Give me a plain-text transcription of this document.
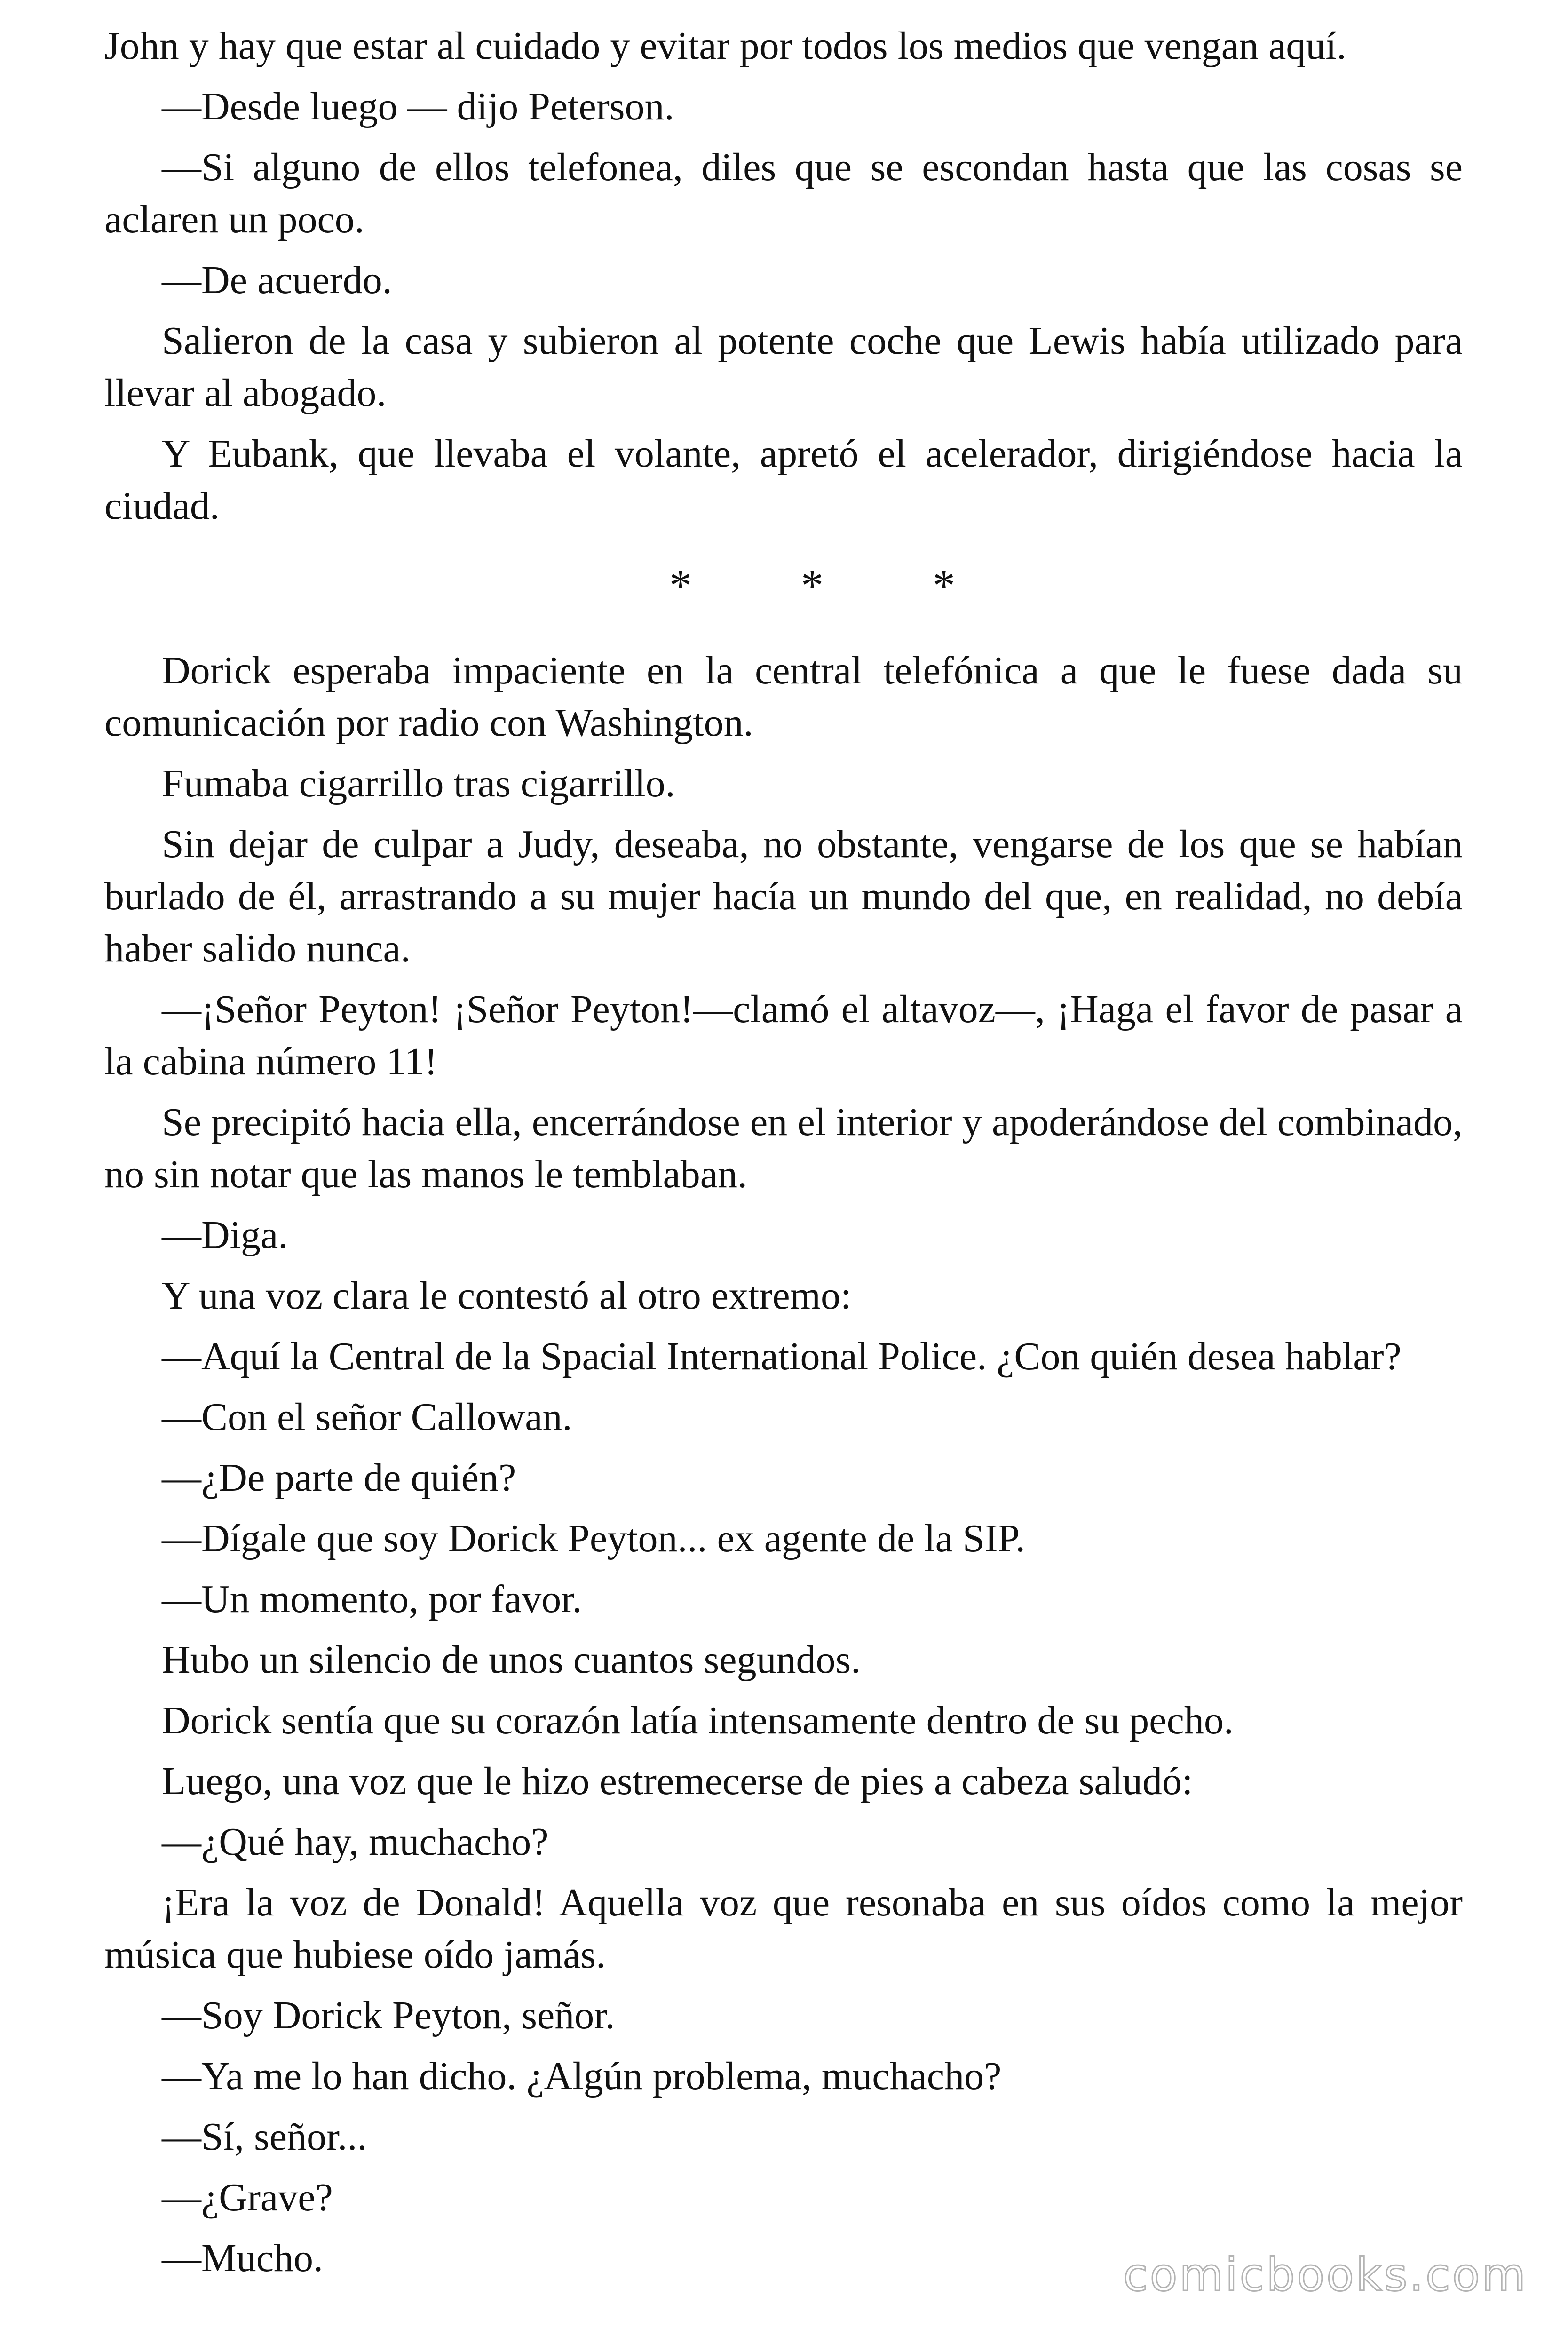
John y hay que estar al cuidado y evitar por todos los medios que vengan aquí.

—Desde luego — dijo Peterson.

—Si alguno de ellos telefonea, diles que se escondan hasta que las cosas se aclaren un poco.

—De acuerdo.

Salieron de la casa y subieron al potente coche que Lewis había utilizado para llevar al abogado.

Y Eubank, que llevaba el volante, apretó el acelerador, dirigiéndose hacia la ciudad.

* * *

Dorick esperaba impaciente en la central telefónica a que le fuese dada su comunicación por radio con Washington.

Fumaba cigarrillo tras cigarrillo.

Sin dejar de culpar a Judy, deseaba, no obstante, vengarse de los que se habían burlado de él, arrastrando a su mujer hacía un mundo del que, en realidad, no debía haber salido nunca.

—¡Señor Peyton! ¡Señor Peyton!—clamó el altavoz—, ¡Haga el favor de pasar a la cabina número 11!

Se precipitó hacia ella, encerrándose en el interior y apoderándose del combinado, no sin notar que las manos le temblaban.

—Diga.

Y una voz clara le contestó al otro extremo:

—Aquí la Central de la Spacial International Police. ¿Con quién desea hablar?

—Con el señor Callowan.

—¿De parte de quién?

—Dígale que soy Dorick Peyton... ex agente de la SIP.

—Un momento, por favor.

Hubo un silencio de unos cuantos segundos.

Dorick sentía que su corazón latía intensamente dentro de su pecho.

Luego, una voz que le hizo estremecerse de pies a cabeza saludó:

—¿Qué hay, muchacho?

¡Era la voz de Donald! Aquella voz que resonaba en sus oídos como la mejor música que hubiese oído jamás.

—Soy Dorick Peyton, señor.

—Ya me lo han dicho. ¿Algún problema, muchacho?

—Sí, señor...

—¿Grave?

—Mucho.	comicbooks.com
